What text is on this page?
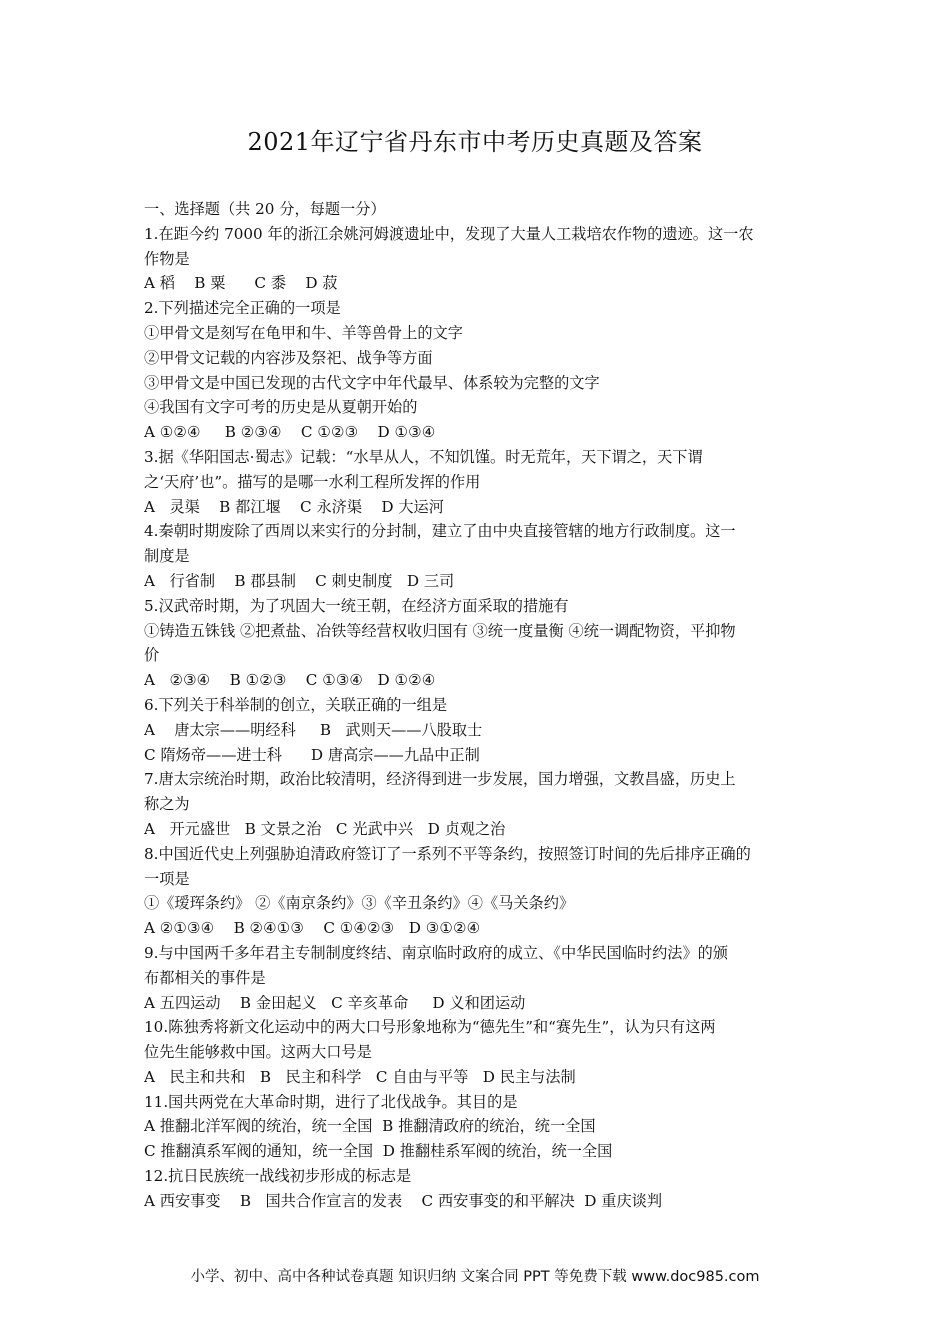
2021年辽宁省丹东市中考历史真题及答案
一、选择题（共 20 分，每题一分）
1.在距今约 7000 年的浙江余姚河姆渡遗址中，发现了大量人工栽培农作物的遗迹。这一农
作物是
A 稻    B 粟      C 黍    D 菽
2.下列描述完全正确的一项是
①甲骨文是刻写在龟甲和牛、羊等兽骨上的文字
②甲骨文记载的内容涉及祭祀、战争等方面
③甲骨文是中国已发现的古代文字中年代最早、体系较为完整的文字
④我国有文字可考的历史是从夏朝开始的
A ①②④     B ②③④    C ①②③    D ①③④
3.据《华阳国志·蜀志》记载：“水旱从人，不知饥馑。时无荒年，天下谓之，天下谓
之‘天府’也”。描写的是哪一水利工程所发挥的作用
A   灵渠    B 都江堰    C 永济渠    D 大运河
4.秦朝时期废除了西周以来实行的分封制，建立了由中央直接管辖的地方行政制度。这一
制度是
A   行省制    B 郡县制    C 刺史制度   D 三司
5.汉武帝时期，为了巩固大一统王朝，在经济方面采取的措施有
①铸造五铢钱 ②把煮盐、冶铁等经营权收归国有 ③统一度量衡 ④统一调配物资，平抑物
价
A   ②③④    B ①②③    C ①③④   D ①②④
6.下列关于科举制的创立，关联正确的一组是
A    唐太宗——明经科     B   武则天——八股取士
C 隋炀帝——进士科      D 唐高宗——九品中正制
7.唐太宗统治时期，政治比较清明，经济得到进一步发展，国力增强，文教昌盛，历史上
称之为
A   开元盛世   B 文景之治   C 光武中兴   D 贞观之治
8.中国近代史上列强胁迫清政府签订了一系列不平等条约，按照签订时间的先后排序正确的
一项是
①《瑷珲条约》 ②《南京条约》③《辛丑条约》④《马关条约》
A ②①③④    B ②④①③    C ①④②③   D ③①②④
9.与中国两千多年君主专制制度终结、南京临时政府的成立、《中华民国临时约法》的颁
布都相关的事件是
A 五四运动    B 金田起义   C 辛亥革命     D 义和团运动
10.陈独秀将新文化运动中的两大口号形象地称为“德先生”和“赛先生”，认为只有这两
位先生能够救中国。这两大口号是
A   民主和共和   B   民主和科学   C 自由与平等   D 民主与法制
11.国共两党在大革命时期，进行了北伐战争。其目的是
A 推翻北洋军阀的统治，统一全国  B 推翻清政府的统治，统一全国
C 推翻滇系军阀的通知，统一全国  D 推翻桂系军阀的统治，统一全国
12.抗日民族统一战线初步形成的标志是
A 西安事变    B   国共合作宣言的发表    C 西安事变的和平解决  D 重庆谈判
小学、初中、高中各种试卷真题 知识归纳 文案合同 PPT 等免费下载 www.doc985.com
